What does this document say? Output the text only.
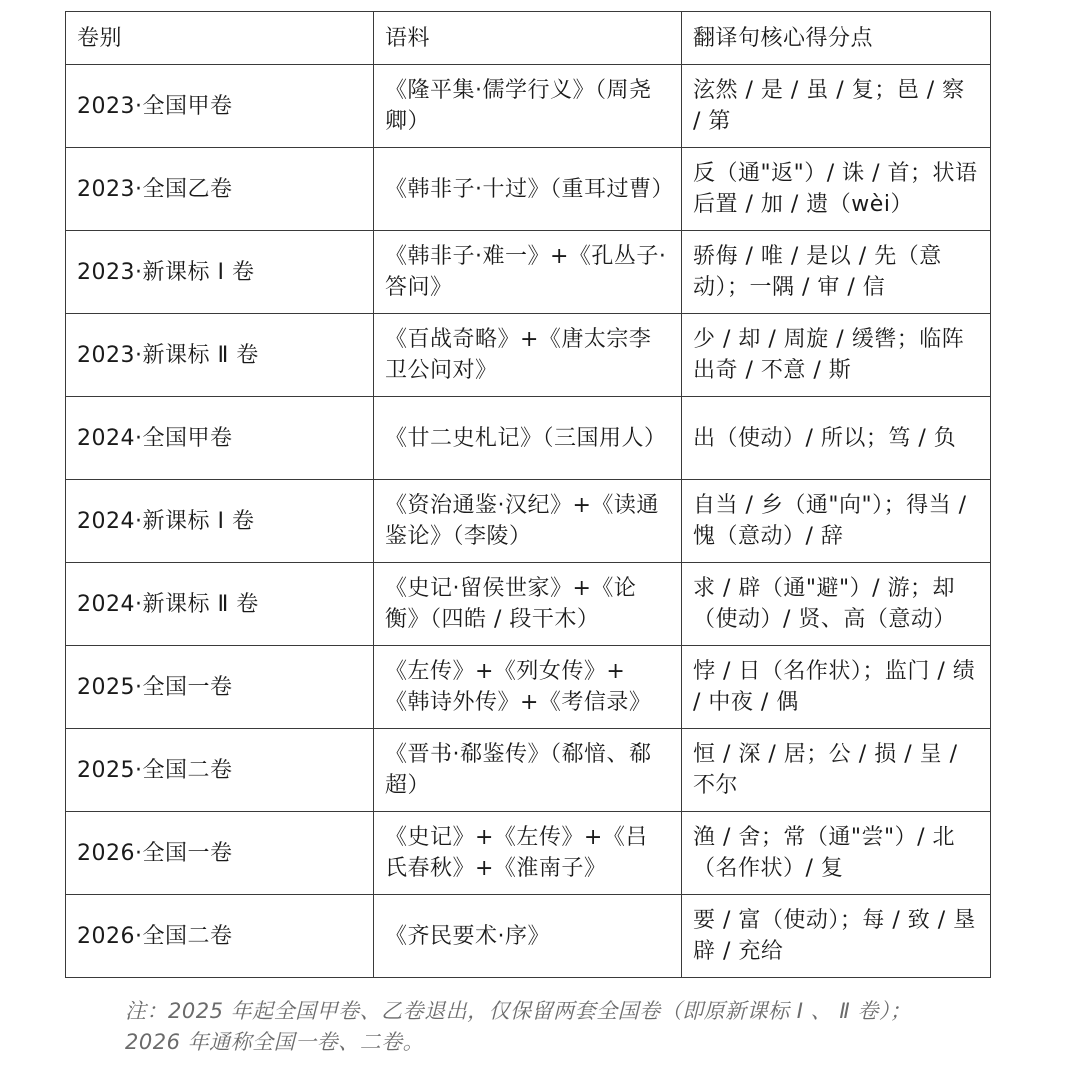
卷别	语料	翻译句核心得分点
2023·全国甲卷	《隆平集·儒学行义》（周尧卿）	泫然 / 是 / 虽 / 复；邑 / 察 / 第
2023·全国乙卷	《韩非子·十过》（重耳过曹）	反（通"返"）/ 诛 / 首；状语后置 / 加 / 遗（wèi）
2023·新课标 Ⅰ 卷	《韩非子·难一》+《孔丛子·答问》	骄侮 / 唯 / 是以 / 先（意动）；一隅 / 审 / 信
2023·新课标 Ⅱ 卷	《百战奇略》+《唐太宗李卫公问对》	少 / 却 / 周旋 / 缓辔；临阵出奇 / 不意 / 斯
2024·全国甲卷	《廿二史札记》（三国用人）	出（使动）/ 所以；笃 / 负
2024·新课标 Ⅰ 卷	《资治通鉴·汉纪》+《读通鉴论》（李陵）	自当 / 乡（通"向"）；得当 / 愧（意动）/ 辞
2024·新课标 Ⅱ 卷	《史记·留侯世家》+《论衡》（四皓 / 段干木）	求 / 辟（通"避"）/ 游；却（使动）/ 贤、高（意动）
2025·全国一卷	《左传》+《列女传》+《韩诗外传》+《考信录》	悖 / 日（名作状）；监门 / 绩 / 中夜 / 偶
2025·全国二卷	《晋书·郗鉴传》（郗愔、郗超）	恒 / 深 / 居；公 / 损 / 呈 / 不尔
2026·全国一卷	《史记》+《左传》+《吕氏春秋》+《淮南子》	渔 / 舍；常（通"尝"）/ 北（名作状）/ 复
2026·全国二卷	《齐民要术·序》	要 / 富（使动）；每 / 致 / 垦辟 / 充给
注：2025 年起全国甲卷、乙卷退出，仅保留两套全国卷（即原新课标 Ⅰ 、 Ⅱ 卷）；2026 年通称全国一卷、二卷。
